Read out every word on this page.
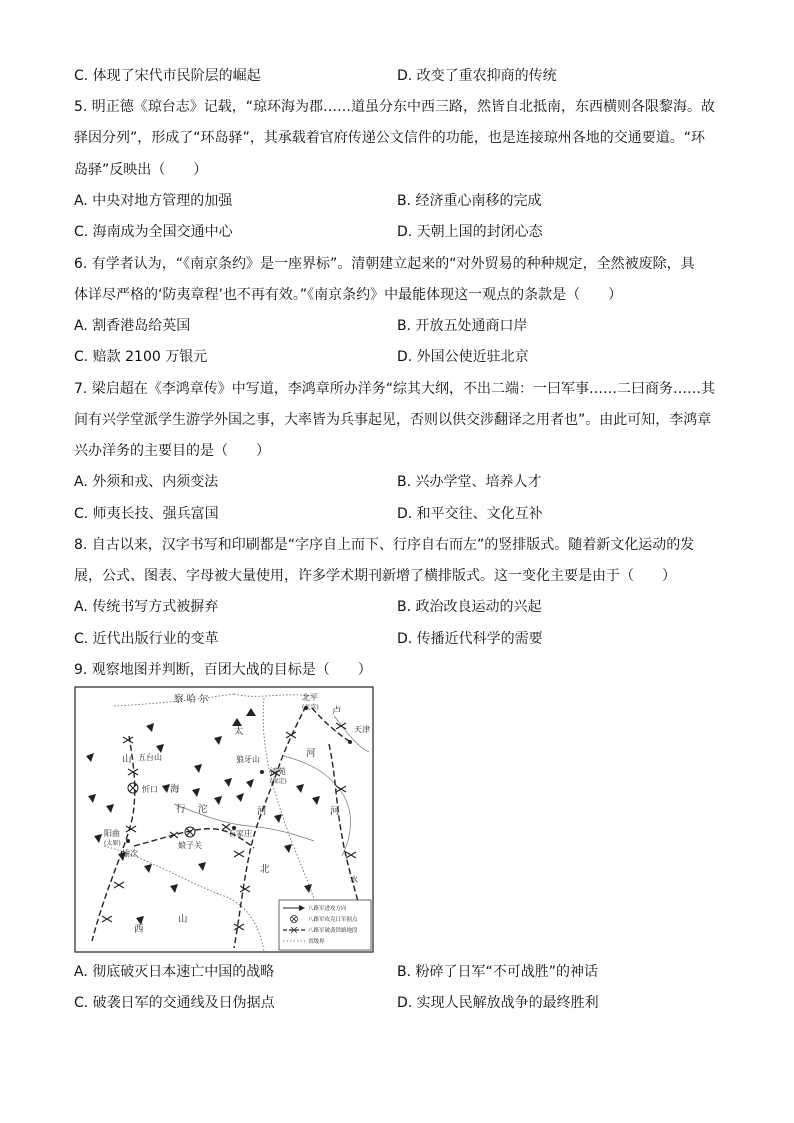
C. 体现了宋代市民阶层的崛起	D. 改变了重农抑商的传统
5. 明正德《琼台志》记载，“琼环海为郡……道虽分东中西三路，然皆自北抵南，东西横则各限黎海。故
驿因分列”，形成了“环岛驿”，其承载着官府传递公文信件的功能，也是连接琼州各地的交通要道。“环
岛驿”反映出（　　）
A. 中央对地方管理的加强	B. 经济重心南移的完成
C. 海南成为全国交通中心	D. 天朝上国的封闭心态
6. 有学者认为，“《南京条约》是一座界标”。清朝建立起来的“对外贸易的种种规定，全然被废除，具
体详尽严格的‘防夷章程’也不再有效。”《南京条约》中最能体现这一观点的条款是（　　）
A. 割香港岛给英国	B. 开放五处通商口岸
C. 赔款 2100 万银元	D. 外国公使近驻北京
7. 梁启超在《李鸿章传》中写道，李鸿章所办洋务“综其大纲，不出二端：一曰军事……二曰商务……其
间有兴学堂派学生游学外国之事，大率皆为兵事起见，否则以供交涉翻译之用者也”。由此可知，李鸿章
兴办洋务的主要目的是（　　）
A. 外须和戎、内须变法	B. 兴办学堂、培养人才
C. 师夷长技、强兵富国	D. 和平交往、文化互补
8. 自古以来，汉字书写和印刷都是“字序自上而下、行序自右而左”的竖排版式。随着新文化运动的发
展，公式、图表、字母被大量使用，许多学术期刊新增了横排版式。这一变化主要是由于（　　）
A. 传统书写方式被摒弃	B. 政治改良运动的兴起
C. 近代出版行业的变革	D. 传播近代科学的需要
9. 观察地图并判断，百团大战的目标是（　　）
察 哈 尔	北平
(北京)
天津
卢
山 五台山
忻口 海
太
狼牙山
清苑
(保定)
河
行 沱	河	河
阳曲
(太原)
榆次
娘子关
石家庄
北
西
山
水
八路军进攻方向
八路军攻克日军据点
八路军破袭铁路地段
省级界
A. 彻底破灭日本速亡中国的战略	B. 粉碎了日军“不可战胜”的神话
C. 破袭日军的交通线及日伪据点	D. 实现人民解放战争的最终胜利
